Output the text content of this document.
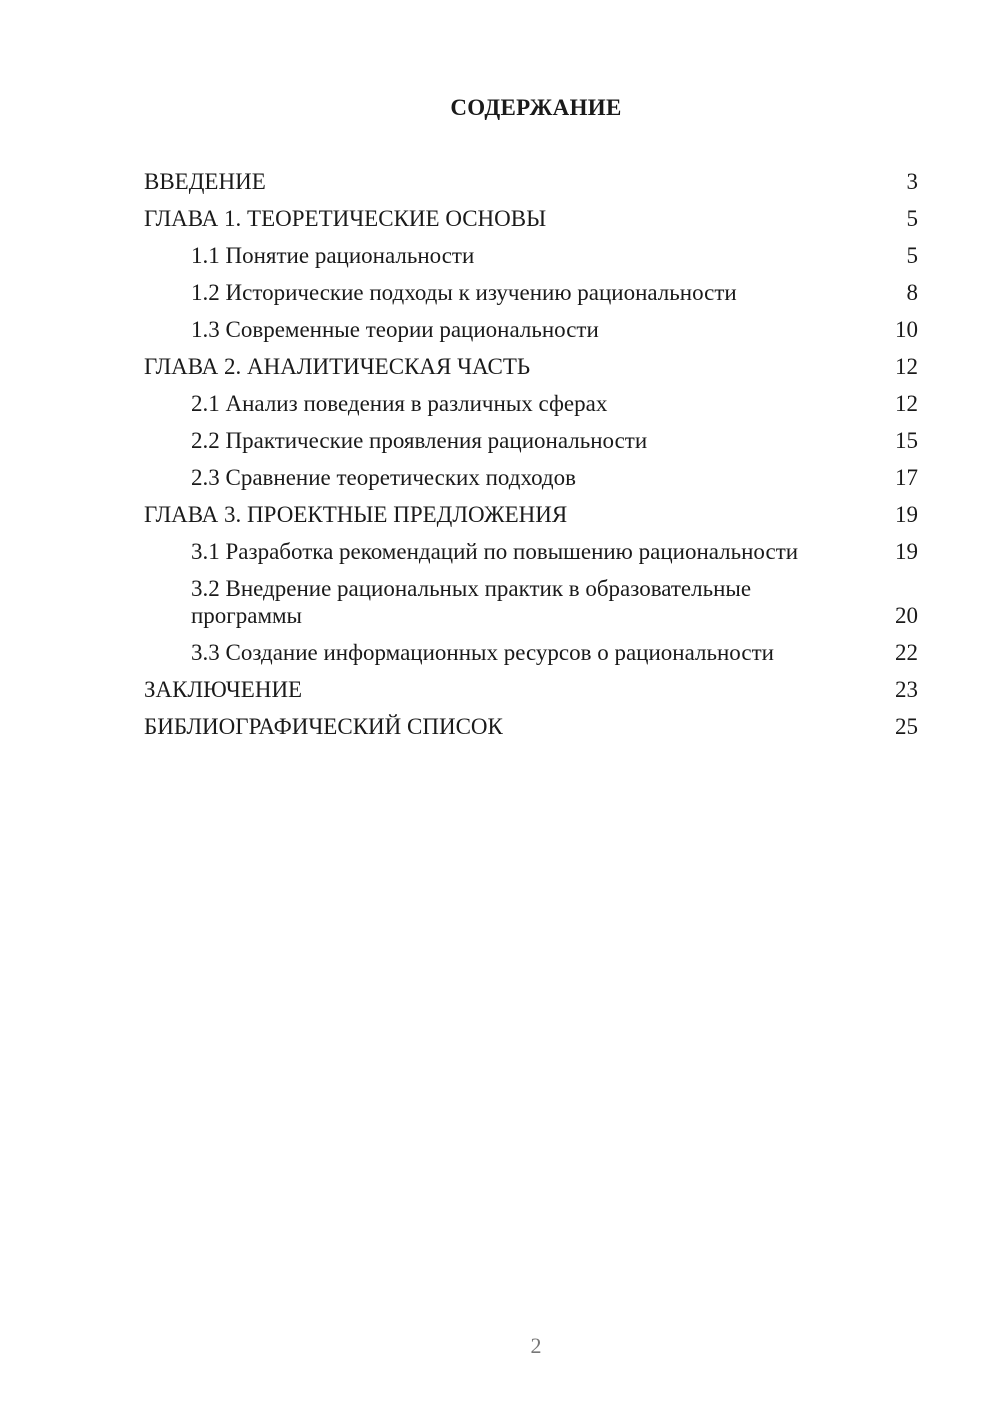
СОДЕРЖАНИЕ
ВВЕДЕНИЕ	3
ГЛАВА 1. ТЕОРЕТИЧЕСКИЕ ОСНОВЫ	5
1.1 Понятие рациональности	5
1.2 Исторические подходы к изучению рациональности	8
1.3 Современные теории рациональности	10
ГЛАВА 2. АНАЛИТИЧЕСКАЯ ЧАСТЬ	12
2.1 Анализ поведения в различных сферах	12
2.2 Практические проявления рациональности	15
2.3 Сравнение теоретических подходов	17
ГЛАВА 3. ПРОЕКТНЫЕ ПРЕДЛОЖЕНИЯ	19
3.1 Разработка рекомендаций по повышению рациональности	19
3.2 Внедрение рациональных практик в образовательные программы	20
3.3 Создание информационных ресурсов о рациональности	22
ЗАКЛЮЧЕНИЕ	23
БИБЛИОГРАФИЧЕСКИЙ СПИСОК	25
2
